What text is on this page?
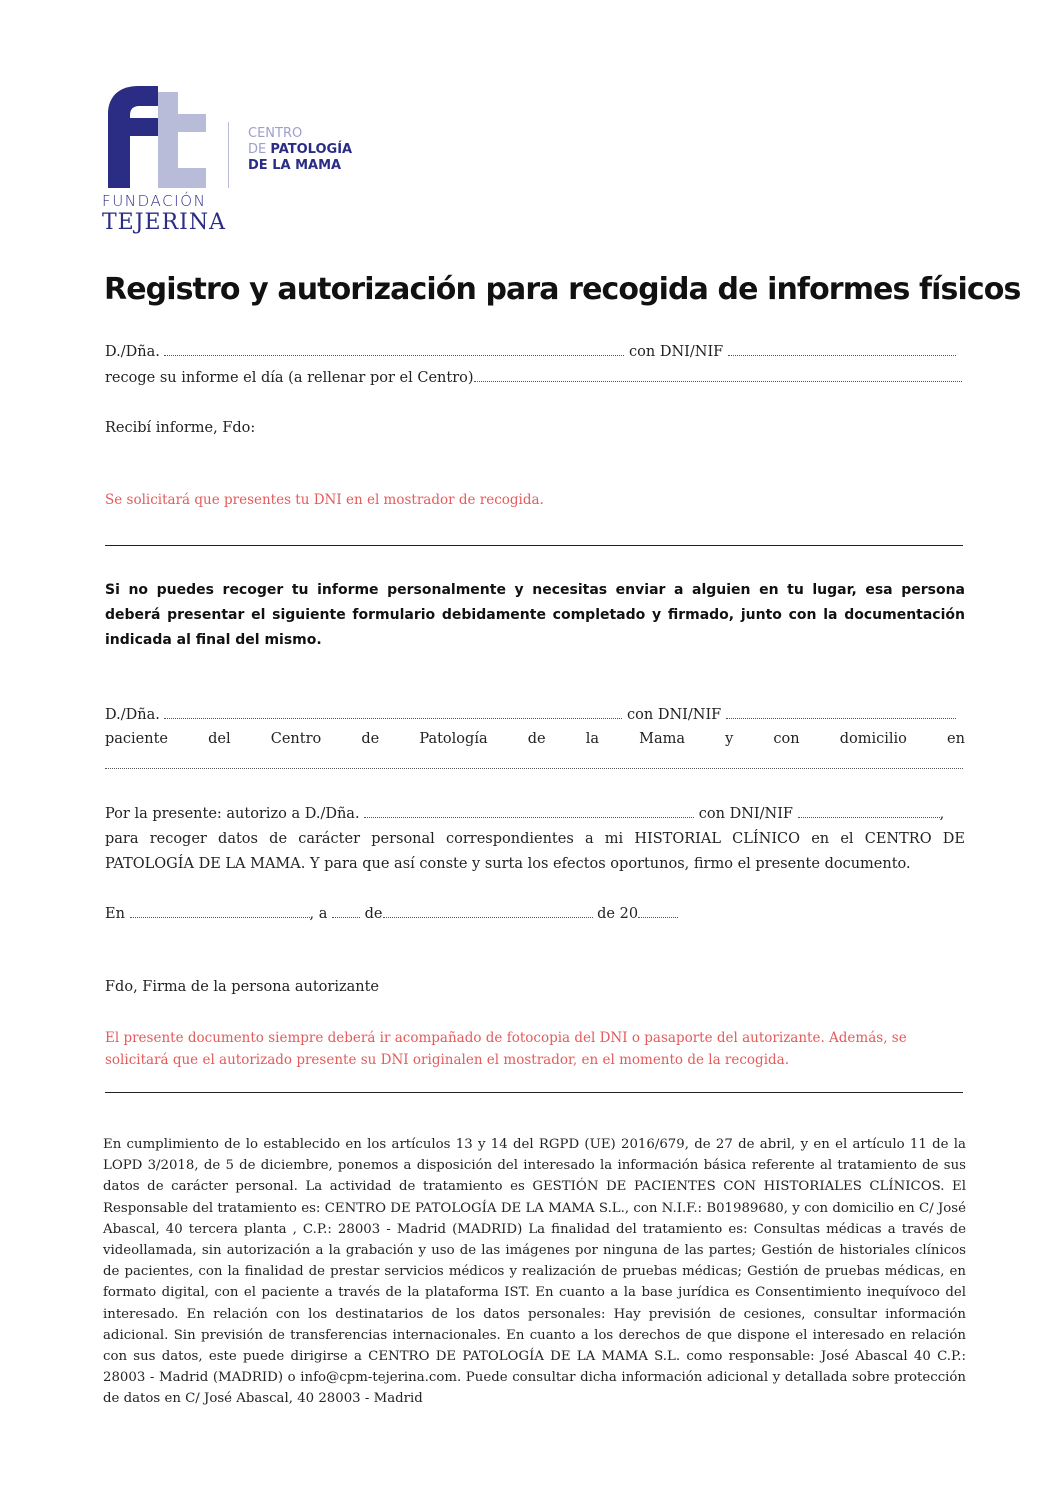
FUNDACIÓN
TEJERINA
CENTRO
DE PATOLOGÍA
DE LA MAMA
Registro y autorización para recogida de informes físicos
D./Dña.	con DNI/NIF
recoge su informe el día (a rellenar por el Centro)
Recibí informe, Fdo:
Se solicitará que presentes tu DNI en el mostrador de recogida.
Si no puedes recoger tu informe personalmente y necesitas enviar a alguien en tu lugar, esa persona deberá presentar el siguiente formulario debidamente completado y firmado, junto con la documentación indicada al final del mismo.
D./Dña.	con DNI/NIF
paciente	del	Centro	de	Patología	de	la	Mama	y	con	domicilio	en
Por la presente: autorizo a D./Dña.	con DNI/NIF	,
para recoger datos de carácter personal correspondientes a mi HISTORIAL CLÍNICO en el CENTRO DE PATOLOGÍA DE LA MAMA. Y para que así conste y surta los efectos oportunos, firmo el presente documento.
En	, a	de	de 20
Fdo, Firma de la persona autorizante
El presente documento siempre deberá ir acompañado de fotocopia del DNI o pasaporte del autorizante. Además, se solicitará que el autorizado presente su DNI originalen el mostrador, en el momento de la recogida.
En cumplimiento de lo establecido en los artículos 13 y 14 del RGPD (UE) 2016/679, de 27 de abril, y en el artículo 11 de la LOPD 3/2018, de 5 de diciembre, ponemos a disposición del interesado la información básica referente al tratamiento de sus datos de carácter personal. La actividad de tratamiento es GESTIÓN DE PACIENTES CON HISTORIALES CLÍNICOS. El Responsable del tratamiento es: CENTRO DE PATOLOGÍA DE LA MAMA S.L., con N.I.F.: B01989680, y con domicilio en C/ José Abascal, 40 tercera planta , C.P.: 28003 - Madrid (MADRID) La finalidad del tratamiento es: Consultas médicas a través de videollamada, sin autorización a la grabación y uso de las imágenes por ninguna de las partes; Gestión de historiales clínicos de pacientes, con la finalidad de prestar servicios médicos y realización de pruebas médicas; Gestión de pruebas médicas, en formato digital, con el paciente a través de la plataforma IST. En cuanto a la base jurídica es Consentimiento inequívoco del interesado. En relación con los destinatarios de los datos personales: Hay previsión de cesiones, consultar información adicional. Sin previsión de transferencias internacionales. En cuanto a los derechos de que dispone el interesado en relación con sus datos, este puede dirigirse a CENTRO DE PATOLOGÍA DE LA MAMA S.L. como responsable: José Abascal 40 C.P.: 28003 - Madrid (MADRID) o info@cpm-tejerina.com. Puede consultar dicha información adicional y detallada sobre protección de datos en C/ José Abascal, 40 28003 - Madrid
